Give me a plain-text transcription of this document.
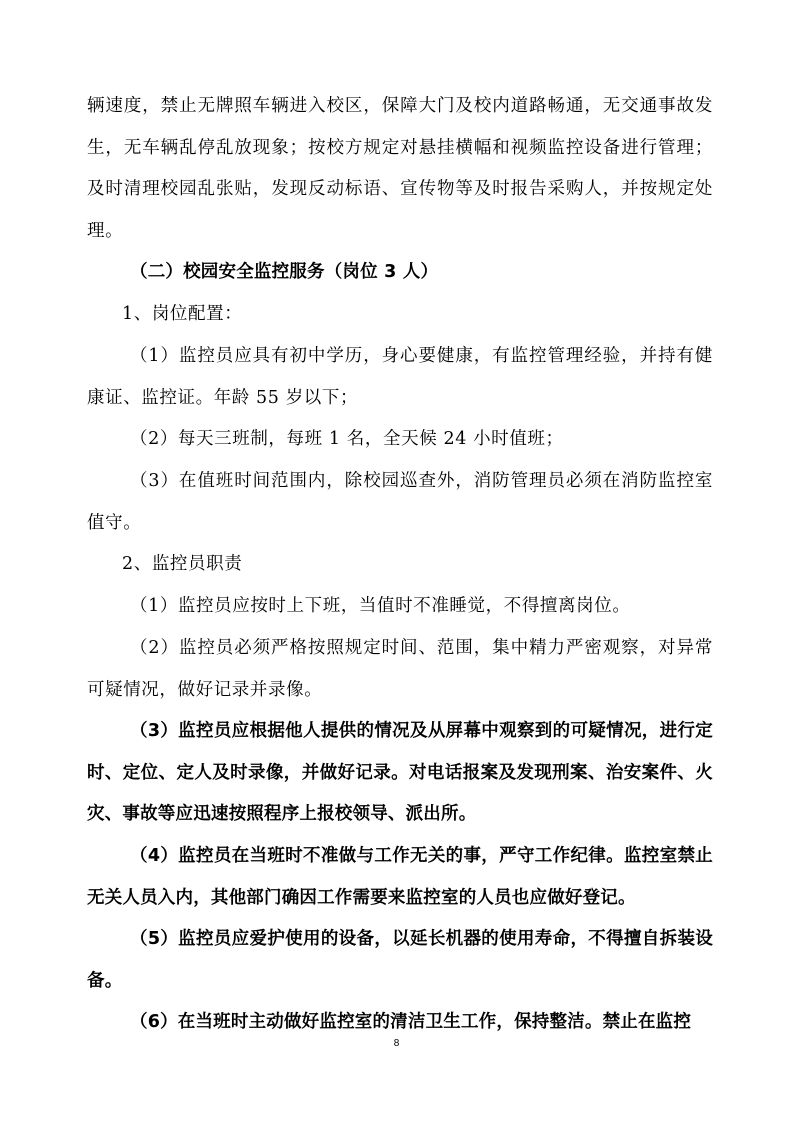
辆速度，禁止无牌照车辆进入校区，保障大门及校内道路畅通，无交通事故发生，无车辆乱停乱放现象；按校方规定对悬挂横幅和视频监控设备进行管理；及时清理校园乱张贴，发现反动标语、宣传物等及时报告采购人，并按规定处理。

（二）校园安全监控服务（岗位 3 人）

1、岗位配置：

（1）监控员应具有初中学历，身心要健康，有监控管理经验，并持有健康证、监控证。年龄 55 岁以下；

（2）每天三班制，每班 1 名，全天候 24 小时值班；

（3）在值班时间范围内，除校园巡查外，消防管理员必须在消防监控室值守。

2、监控员职责

（1）监控员应按时上下班，当值时不准睡觉，不得擅离岗位。

（2）监控员必须严格按照规定时间、范围，集中精力严密观察，对异常可疑情况，做好记录并录像。

（3）监控员应根据他人提供的情况及从屏幕中观察到的可疑情况，进行定时、定位、定人及时录像，并做好记录。对电话报案及发现刑案、治安案件、火灾、事故等应迅速按照程序上报校领导、派出所。

（4）监控员在当班时不准做与工作无关的事，严守工作纪律。监控室禁止无关人员入内，其他部门确因工作需要来监控室的人员也应做好登记。

（5）监控员应爱护使用的设备，以延长机器的使用寿命，不得擅自拆装设备。

（6）在当班时主动做好监控室的清洁卫生工作，保持整洁。禁止在监控

8
